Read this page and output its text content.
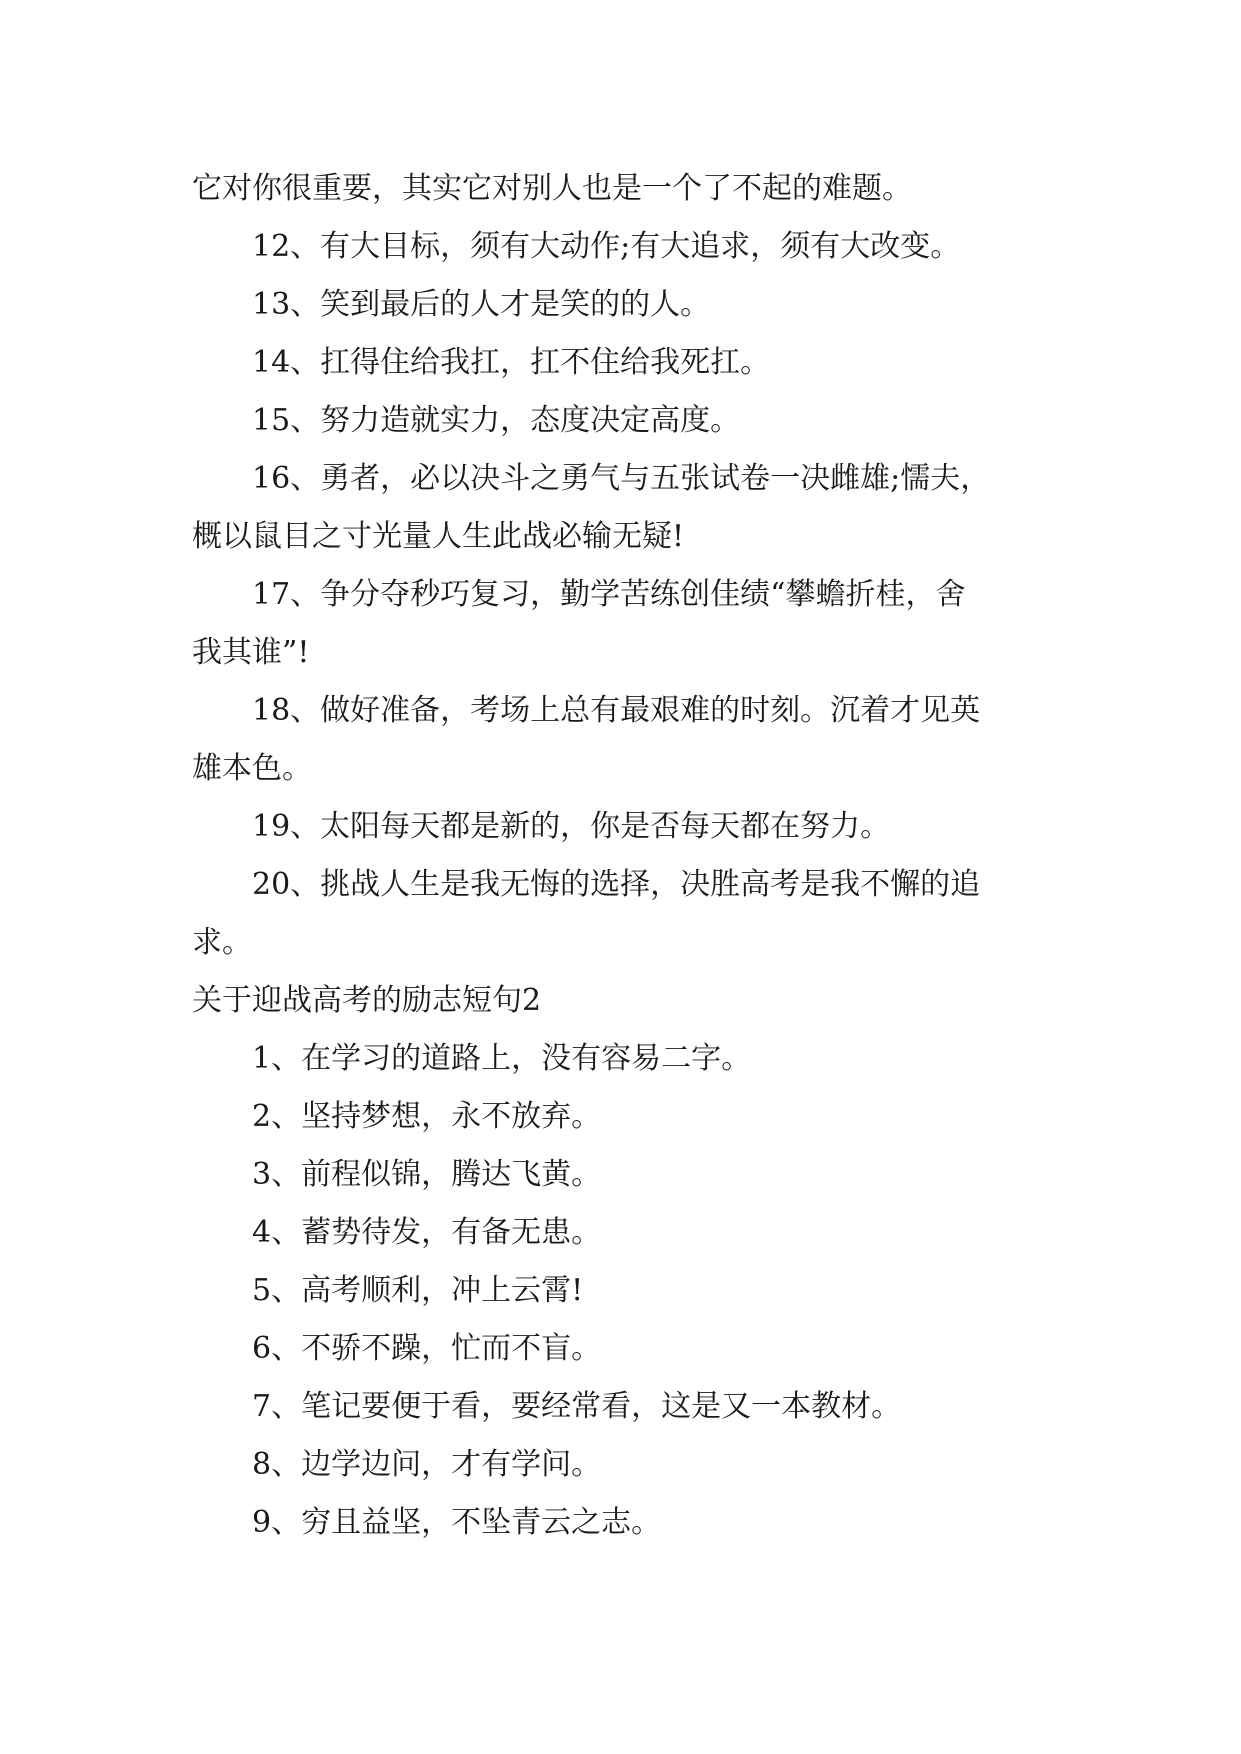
它对你很重要，其实它对别人也是一个了不起的难题。

12、有大目标，须有大动作;有大追求，须有大改变。

13、笑到最后的人才是笑的的人。

14、扛得住给我扛，扛不住给我死扛。

15、努力造就实力，态度决定高度。

16、勇者，必以决斗之勇气与五张试卷一决雌雄;懦夫，

概以鼠目之寸光量人生此战必输无疑!

17、争分夺秒巧复习，勤学苦练创佳绩“攀蟾折桂，舍

我其谁”!

18、做好准备，考场上总有最艰难的时刻。沉着才见英

雄本色。

19、太阳每天都是新的，你是否每天都在努力。

20、挑战人生是我无悔的选择，决胜高考是我不懈的追

求。

关于迎战高考的励志短句2

1、在学习的道路上，没有容易二字。

2、坚持梦想，永不放弃。

3、前程似锦，腾达飞黄。

4、蓄势待发，有备无患。

5、高考顺利，冲上云霄!

6、不骄不躁，忙而不盲。

7、笔记要便于看，要经常看，这是又一本教材。

8、边学边问，才有学问。

9、穷且益坚，不坠青云之志。
